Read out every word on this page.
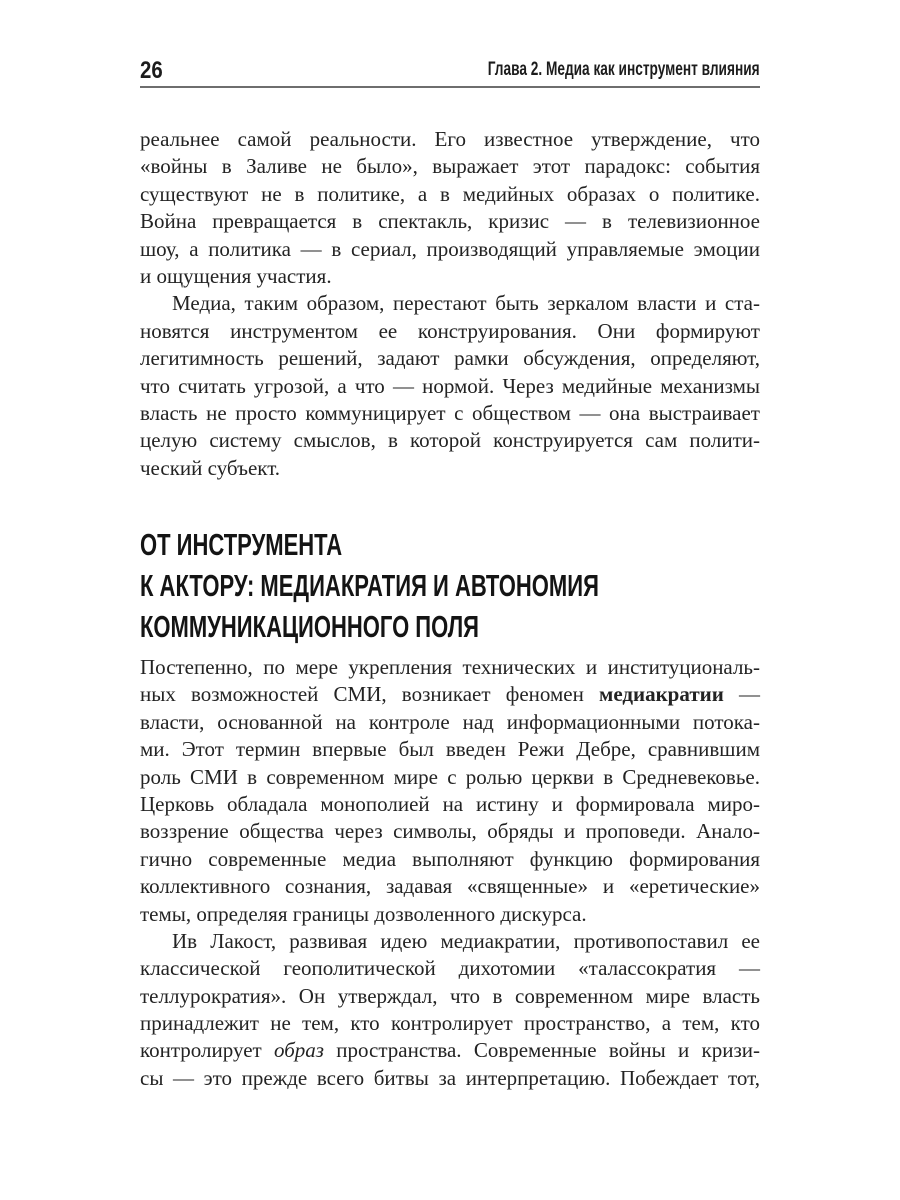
26	Глава 2. Медиа как инструмент влияния
реальнее самой реальности. Его известное утверждение, что
«войны в Заливе не было», выражает этот парадокс: события
существуют не в политике, а в медийных образах о политике.
Война превращается в спектакль, кризис — в телевизионное
шоу, а политика — в сериал, производящий управляемые эмоции
и ощущения участия.
Медиа, таким образом, перестают быть зеркалом власти и ста-
новятся инструментом ее конструирования. Они формируют
легитимность решений, задают рамки обсуждения, определяют,
что считать угрозой, а что — нормой. Через медийные механизмы
власть не просто коммуницирует с обществом — она выстраивает
целую систему смыслов, в которой конструируется сам полити-
ческий субъект.
ОТ ИНСТРУМЕНТА
К АКТОРУ: МЕДИАКРАТИЯ И АВТОНОМИЯ
КОММУНИКАЦИОННОГО ПОЛЯ
Постепенно, по мере укрепления технических и институциональ-
ных возможностей СМИ, возникает феномен медиакратии —
власти, основанной на контроле над информационными потока-
ми. Этот термин впервые был введен Режи Дебре, сравнившим
роль СМИ в современном мире с ролью церкви в Средневековье.
Церковь обладала монополией на истину и формировала миро-
воззрение общества через символы, обряды и проповеди. Анало-
гично современные медиа выполняют функцию формирования
коллективного сознания, задавая «священные» и «еретические»
темы, определяя границы дозволенного дискурса.
Ив Лакост, развивая идею медиакратии, противопоставил ее
классической геополитической дихотомии «талассократия —
теллурократия». Он утверждал, что в современном мире власть
принадлежит не тем, кто контролирует пространство, а тем, кто
контролирует образ пространства. Современные войны и кризи-
сы — это прежде всего битвы за интерпретацию. Побеждает тот,
